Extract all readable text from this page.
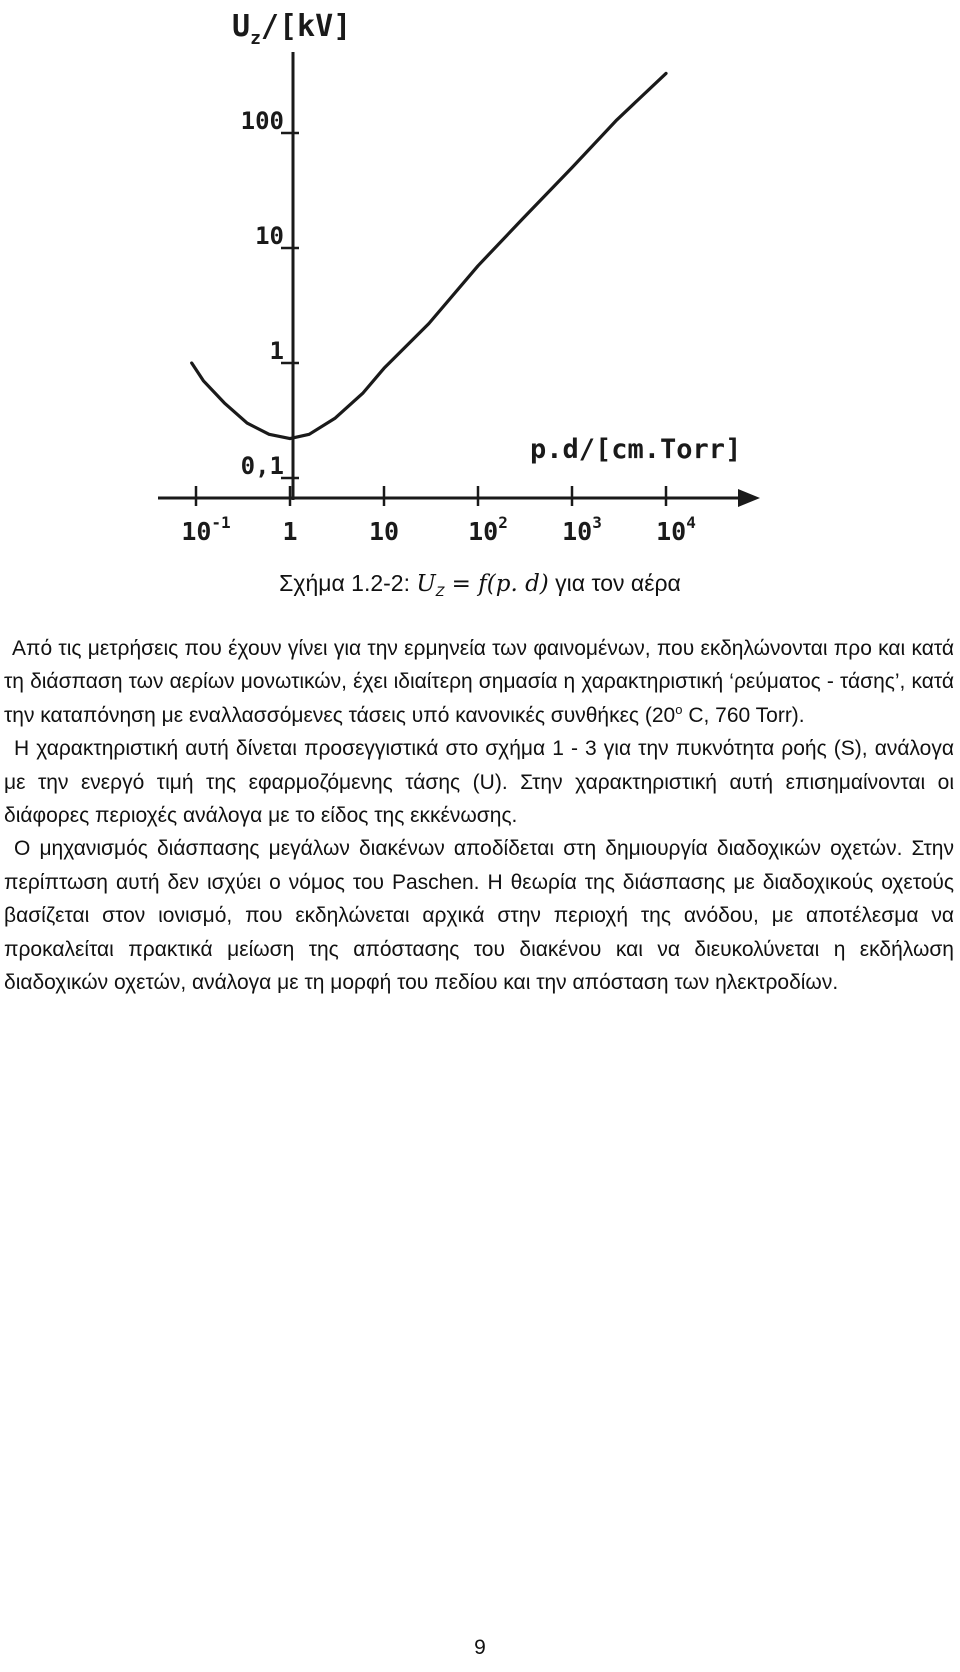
$U_z/[kV]$
100
10
1
0,1
$10^{-1}$ 1	10	$10^2$ $10^3$ $10^4$
p.d/[cm.Torr]
Σχήμα 1.2-2: $U_Z = f(p$. d) για τον αέρα

Από τις μετρήσεις που έχουν γίνει για την ερμηνεία των φαινομένων, που εκδηλώνονται προ και κατά τη διάσπαση των αερίων μονωτικών, έχει ιδιαίτερη σημασία η χαρακτηριστική ‘ρεύματος - τάσης’, κατά την καταπόνηση με εναλλασσόμενες τάσεις υπό κανονικές συνθήκες ($20^o$ C, 760 Torr).

Η χαρακτηριστική αυτή δίνεται προσεγγιστικά στο σχήμα 1 - 3 για την πυκνότητα ροής (S), ανάλογα με την ενεργό τιμή της εφαρμοζόμενης τάσης (U). Στην χαρακτηριστική αυτή επισημαίνονται οι διάφορες περιοχές ανάλογα με το είδος της εκκένωσης.

Ο μηχανισμός διάσπασης μεγάλων διακένων αποδίδεται στη δημιουργία διαδοχικών οχετών. Στην περίπτωση αυτή δεν ισχύει ο νόμος του Paschen. Η θεωρία της διάσπασης με διαδοχικούς οχετούς βασίζεται στον ιονισμό, που εκδηλώνεται αρχικά στην περιοχή της ανόδου, με αποτέλεσμα να προκαλείται πρακτικά μείωση της απόστασης του διακένου και να διευκολύνεται η εκδήλωση διαδοχικών οχετών, ανάλογα με τη μορφή του πεδίου και την απόσταση των ηλεκτροδίων.

9
